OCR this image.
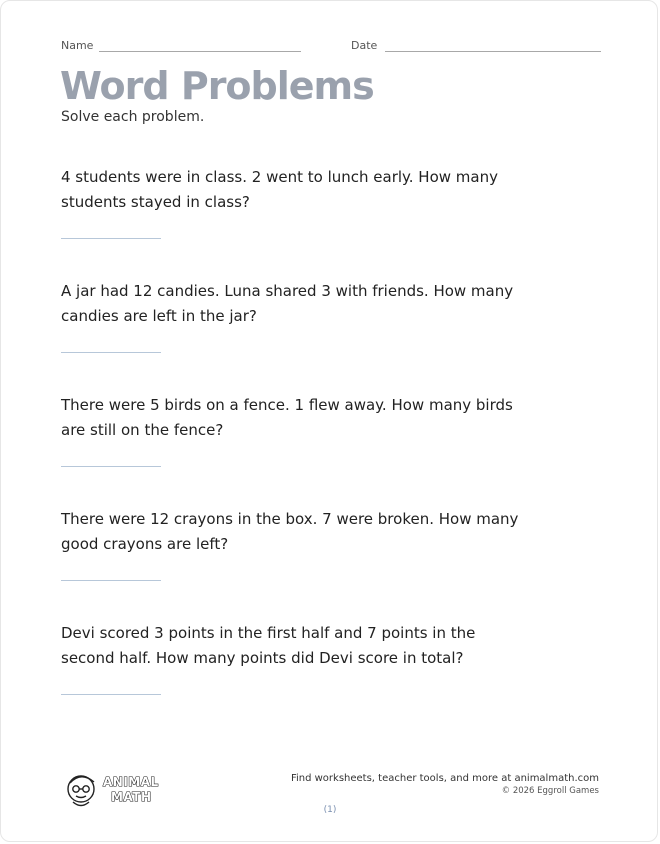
Name	Date
Word Problems
Solve each problem.

4 students were in class. 2 went to lunch early. How many students stayed in class?

A jar had 12 candies. Luna shared 3 with friends. How many candies are left in the jar?

There were 5 birds on a fence. 1 flew away. How many birds are still on the fence?

There were 12 crayons in the box. 7 were broken. How many good crayons are left?

Devi scored 3 points in the first half and 7 points in the second half. How many points did Devi score in total?

ANIMAL
MATH
Find worksheets, teacher tools, and more at animalmath.com
© 2026 Eggroll Games
(1)
